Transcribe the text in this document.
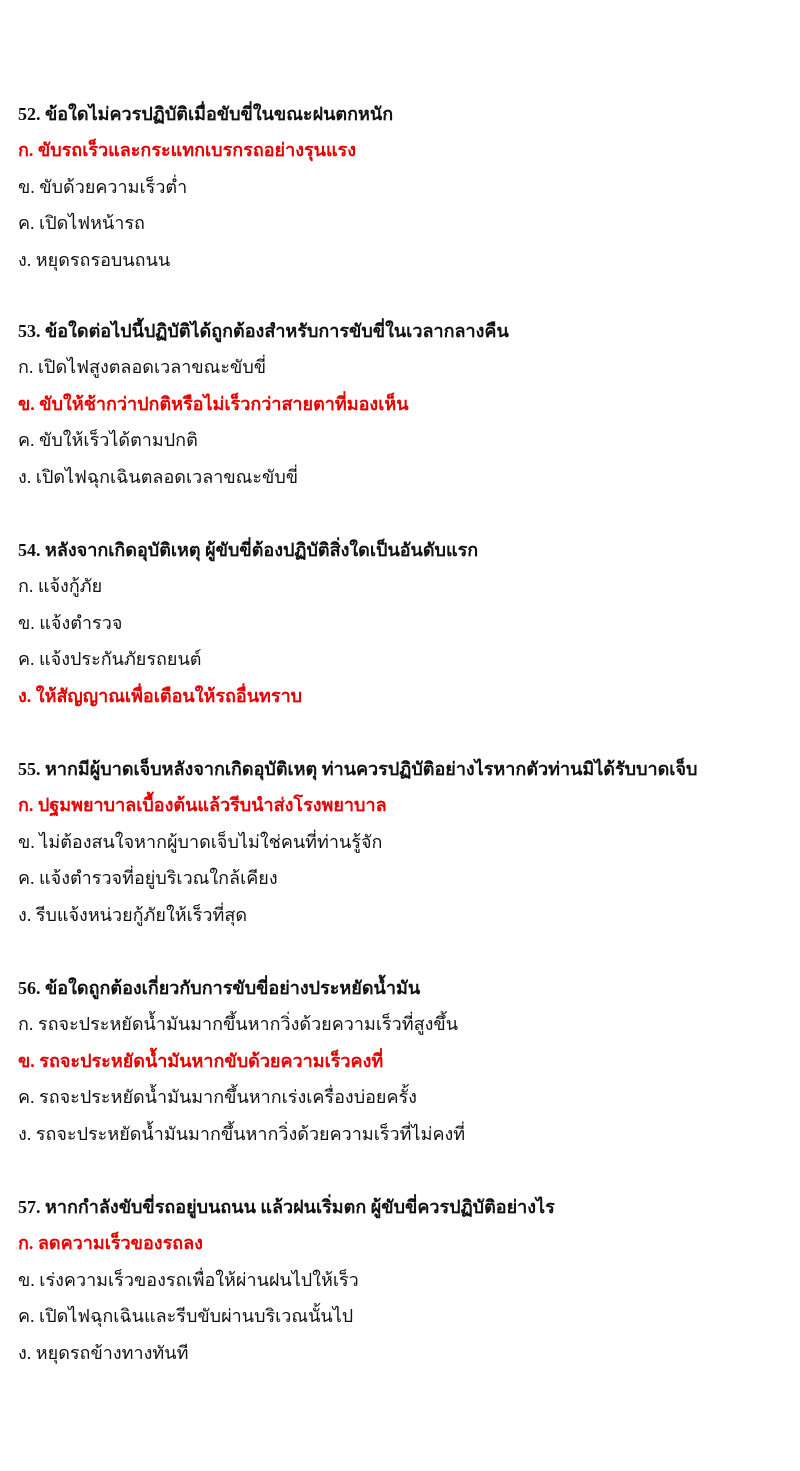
52. ข้อใดไม่ควรปฏิบัติเมื่อขับขี่ในขณะฝนตกหนัก
ก. ขับรถเร็วและกระแทกเบรกรถอย่างรุนแรง
ข. ขับด้วยความเร็วต่ำ
ค. เปิดไฟหน้ารถ
ง. หยุดรถรอบนถนน
53. ข้อใดต่อไปนี้ปฏิบัติได้ถูกต้องสำหรับการขับขี่ในเวลากลางคืน
ก. เปิดไฟสูงตลอดเวลาขณะขับขี่
ข. ขับให้ช้ากว่าปกติหรือไม่เร็วกว่าสายตาที่มองเห็น
ค. ขับให้เร็วได้ตามปกติ
ง. เปิดไฟฉุกเฉินตลอดเวลาขณะขับขี่
54. หลังจากเกิดอุบัติเหตุ ผู้ขับขี่ต้องปฏิบัติสิ่งใดเป็นอันดับแรก
ก. แจ้งกู้ภัย
ข. แจ้งตำรวจ
ค. แจ้งประกันภัยรถยนต์
ง. ให้สัญญาณเพื่อเตือนให้รถอื่นทราบ
55. หากมีผู้บาดเจ็บหลังจากเกิดอุบัติเหตุ ท่านควรปฏิบัติอย่างไรหากตัวท่านมิได้รับบาดเจ็บ
ก. ปฐมพยาบาลเบื้องต้นแล้วรีบนำส่งโรงพยาบาล
ข. ไม่ต้องสนใจหากผู้บาดเจ็บไม่ใช่คนที่ท่านรู้จัก
ค. แจ้งตำรวจที่อยู่บริเวณใกล้เคียง
ง. รีบแจ้งหน่วยกู้ภัยให้เร็วที่สุด
56. ข้อใดถูกต้องเกี่ยวกับการขับขี่อย่างประหยัดน้ำมัน
ก. รถจะประหยัดน้ำมันมากขึ้นหากวิ่งด้วยความเร็วที่สูงขึ้น
ข. รถจะประหยัดน้ำมันหากขับด้วยความเร็วคงที่
ค. รถจะประหยัดน้ำมันมากขึ้นหากเร่งเครื่องบ่อยครั้ง
ง. รถจะประหยัดน้ำมันมากขึ้นหากวิ่งด้วยความเร็วที่ไม่คงที่
57. หากกำลังขับขี่รถอยู่บนถนน แล้วฝนเริ่มตก ผู้ขับขี่ควรปฏิบัติอย่างไร
ก. ลดความเร็วของรถลง
ข. เร่งความเร็วของรถเพื่อให้ผ่านฝนไปให้เร็ว
ค. เปิดไฟฉุกเฉินและรีบขับผ่านบริเวณนั้นไป
ง. หยุดรถข้างทางทันที
